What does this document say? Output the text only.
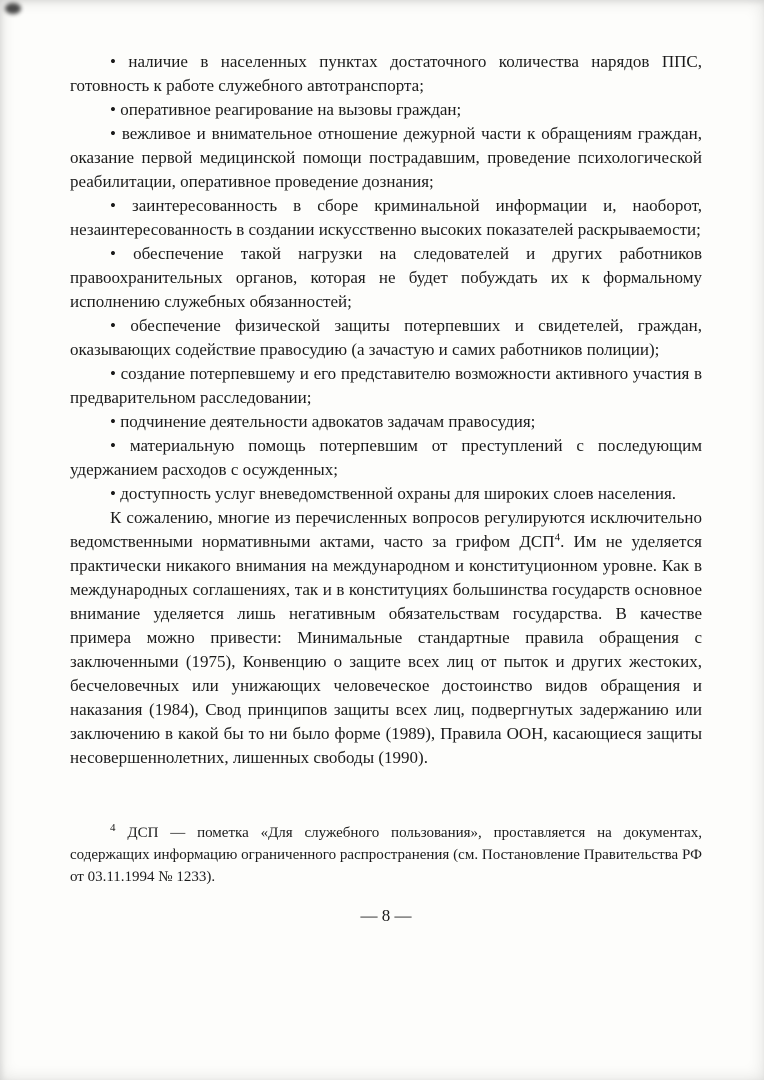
• наличие в населенных пунктах достаточного количества нарядов ППС, готовность к работе служебного автотранспорта;

• оперативное реагирование на вызовы граждан;

• вежливое и внимательное отношение дежурной части к обращениям граждан, оказание первой медицинской помощи пострадавшим, проведение психологической реабилитации, оперативное проведение дознания;

• заинтересованность в сборе криминальной информации и, наоборот, незаинтересованность в создании искусственно высоких показателей раскрываемости;

• обеспечение такой нагрузки на следователей и других работников правоохранительных органов, которая не будет побуждать их к формальному исполнению служебных обязанностей;

• обеспечение физической защиты потерпевших и свидетелей, граждан, оказывающих содействие правосудию (а зачастую и самих работников полиции);

• создание потерпевшему и его представителю возможности активного участия в предварительном расследовании;

• подчинение деятельности адвокатов задачам правосудия;

• материальную помощь потерпевшим от преступлений с последующим удержанием расходов с осужденных;

• доступность услуг вневедомственной охраны для широких слоев населения.

К сожалению, многие из перечисленных вопросов регулируются исключительно ведомственными нормативными актами, часто за грифом ДСП$^4$. Им не уделяется практически никакого внимания на международном и конституционном уровне. Как в международных соглашениях, так и в конституциях большинства государств основное внимание уделяется лишь негативным обязательствам государства. В качестве примера можно привести: Минимальные стандартные правила обращения с заключенными (1975), Конвенцию о защите всех лиц от пыток и других жестоких, бесчеловечных или унижающих человеческое достоинство видов обращения и наказания (1984), Свод принципов защиты всех лиц, подвергнутых задержанию или заключению в какой бы то ни было форме (1989), Правила ООН, касающиеся защиты несовершеннолетних, лишенных свободы (1990).

$^4$ ДСП — пометка «Для служебного пользования», проставляется на документах, содержащих информацию ограниченного распространения (см. Постановление Правительства РФ от 03.11.1994 № 1233).

— 8 —
